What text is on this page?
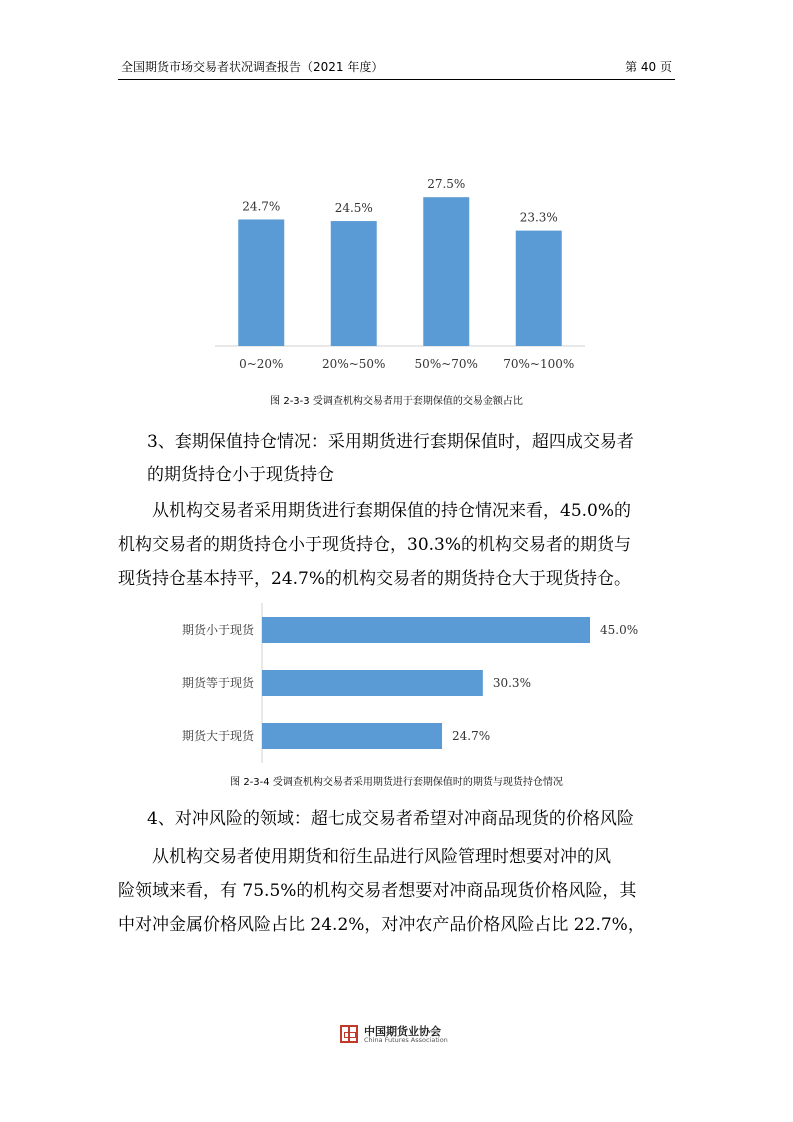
全国期货市场交易者状况调查报告（2021 年度）	第 40 页
24.7%
0~20%
24.5%
20%~50%
27.5%
50%~70%
23.3%
70%~100%
图 2-3-3 受调查机构交易者用于套期保值的交易金额占比
3、套期保值持仓情况：采用期货进行套期保值时，超四成交易者
的期货持仓小于现货持仓
从机构交易者采用期货进行套期保值的持仓情况来看，45.0%的
机构交易者的期货持仓小于现货持仓，30.3%的机构交易者的期货与
现货持仓基本持平，24.7%的机构交易者的期货持仓大于现货持仓。
期货小于现货	45.0%
期货等于现货	30.3%
期货大于现货	24.7%
图 2-3-4 受调查机构交易者采用期货进行套期保值时的期货与现货持仓情况
4、对冲风险的领域：超七成交易者希望对冲商品现货的价格风险
从机构交易者使用期货和衍生品进行风险管理时想要对冲的风
险领域来看，有 75.5%的机构交易者想要对冲商品现货价格风险，其
中对冲金属价格风险占比 24.2%，对冲农产品价格风险占比 22.7%，
中国期货业协会
China Futures Association
